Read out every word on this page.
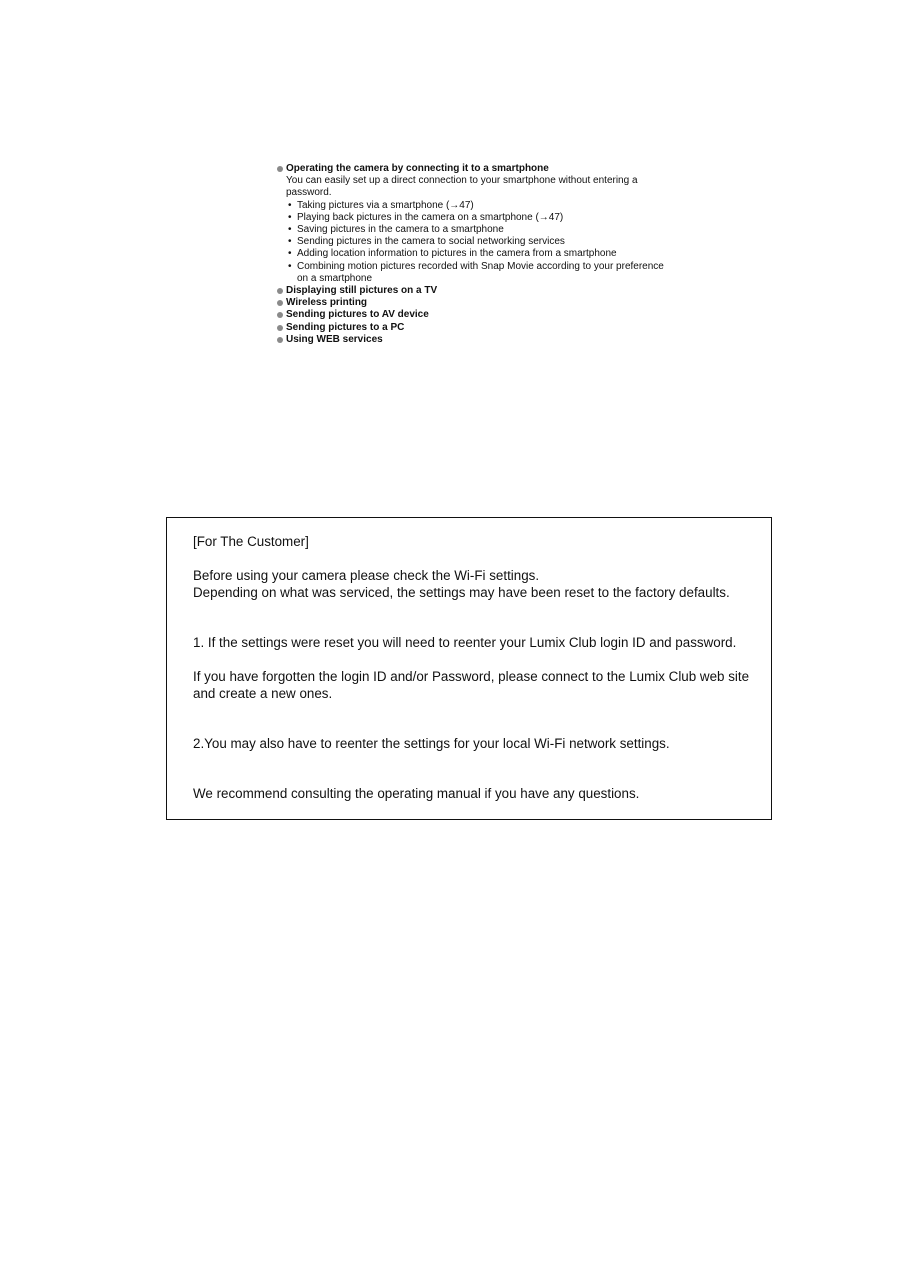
Operating the camera by connecting it to a smartphone
You can easily set up a direct connection to your smartphone without entering a password.
• Taking pictures via a smartphone (→47)
• Playing back pictures in the camera on a smartphone (→47)
• Saving pictures in the camera to a smartphone
• Sending pictures in the camera to social networking services
• Adding location information to pictures in the camera from a smartphone
• Combining motion pictures recorded with Snap Movie according to your preference on a smartphone
Displaying still pictures on a TV
Wireless printing
Sending pictures to AV device
Sending pictures to a PC
Using WEB services

[For The Customer]

Before using your camera please check the Wi-Fi settings.

Depending on what was serviced, the settings may have been reset to the factory defaults.

1. If the settings were reset you will need to reenter your Lumix Club login ID and password.

If you have forgotten the login ID and/or Password, please connect to the Lumix Club web site and create a new ones.

2.You may also have to reenter the settings for your local Wi-Fi network settings.

We recommend consulting the operating manual if you have any questions.
